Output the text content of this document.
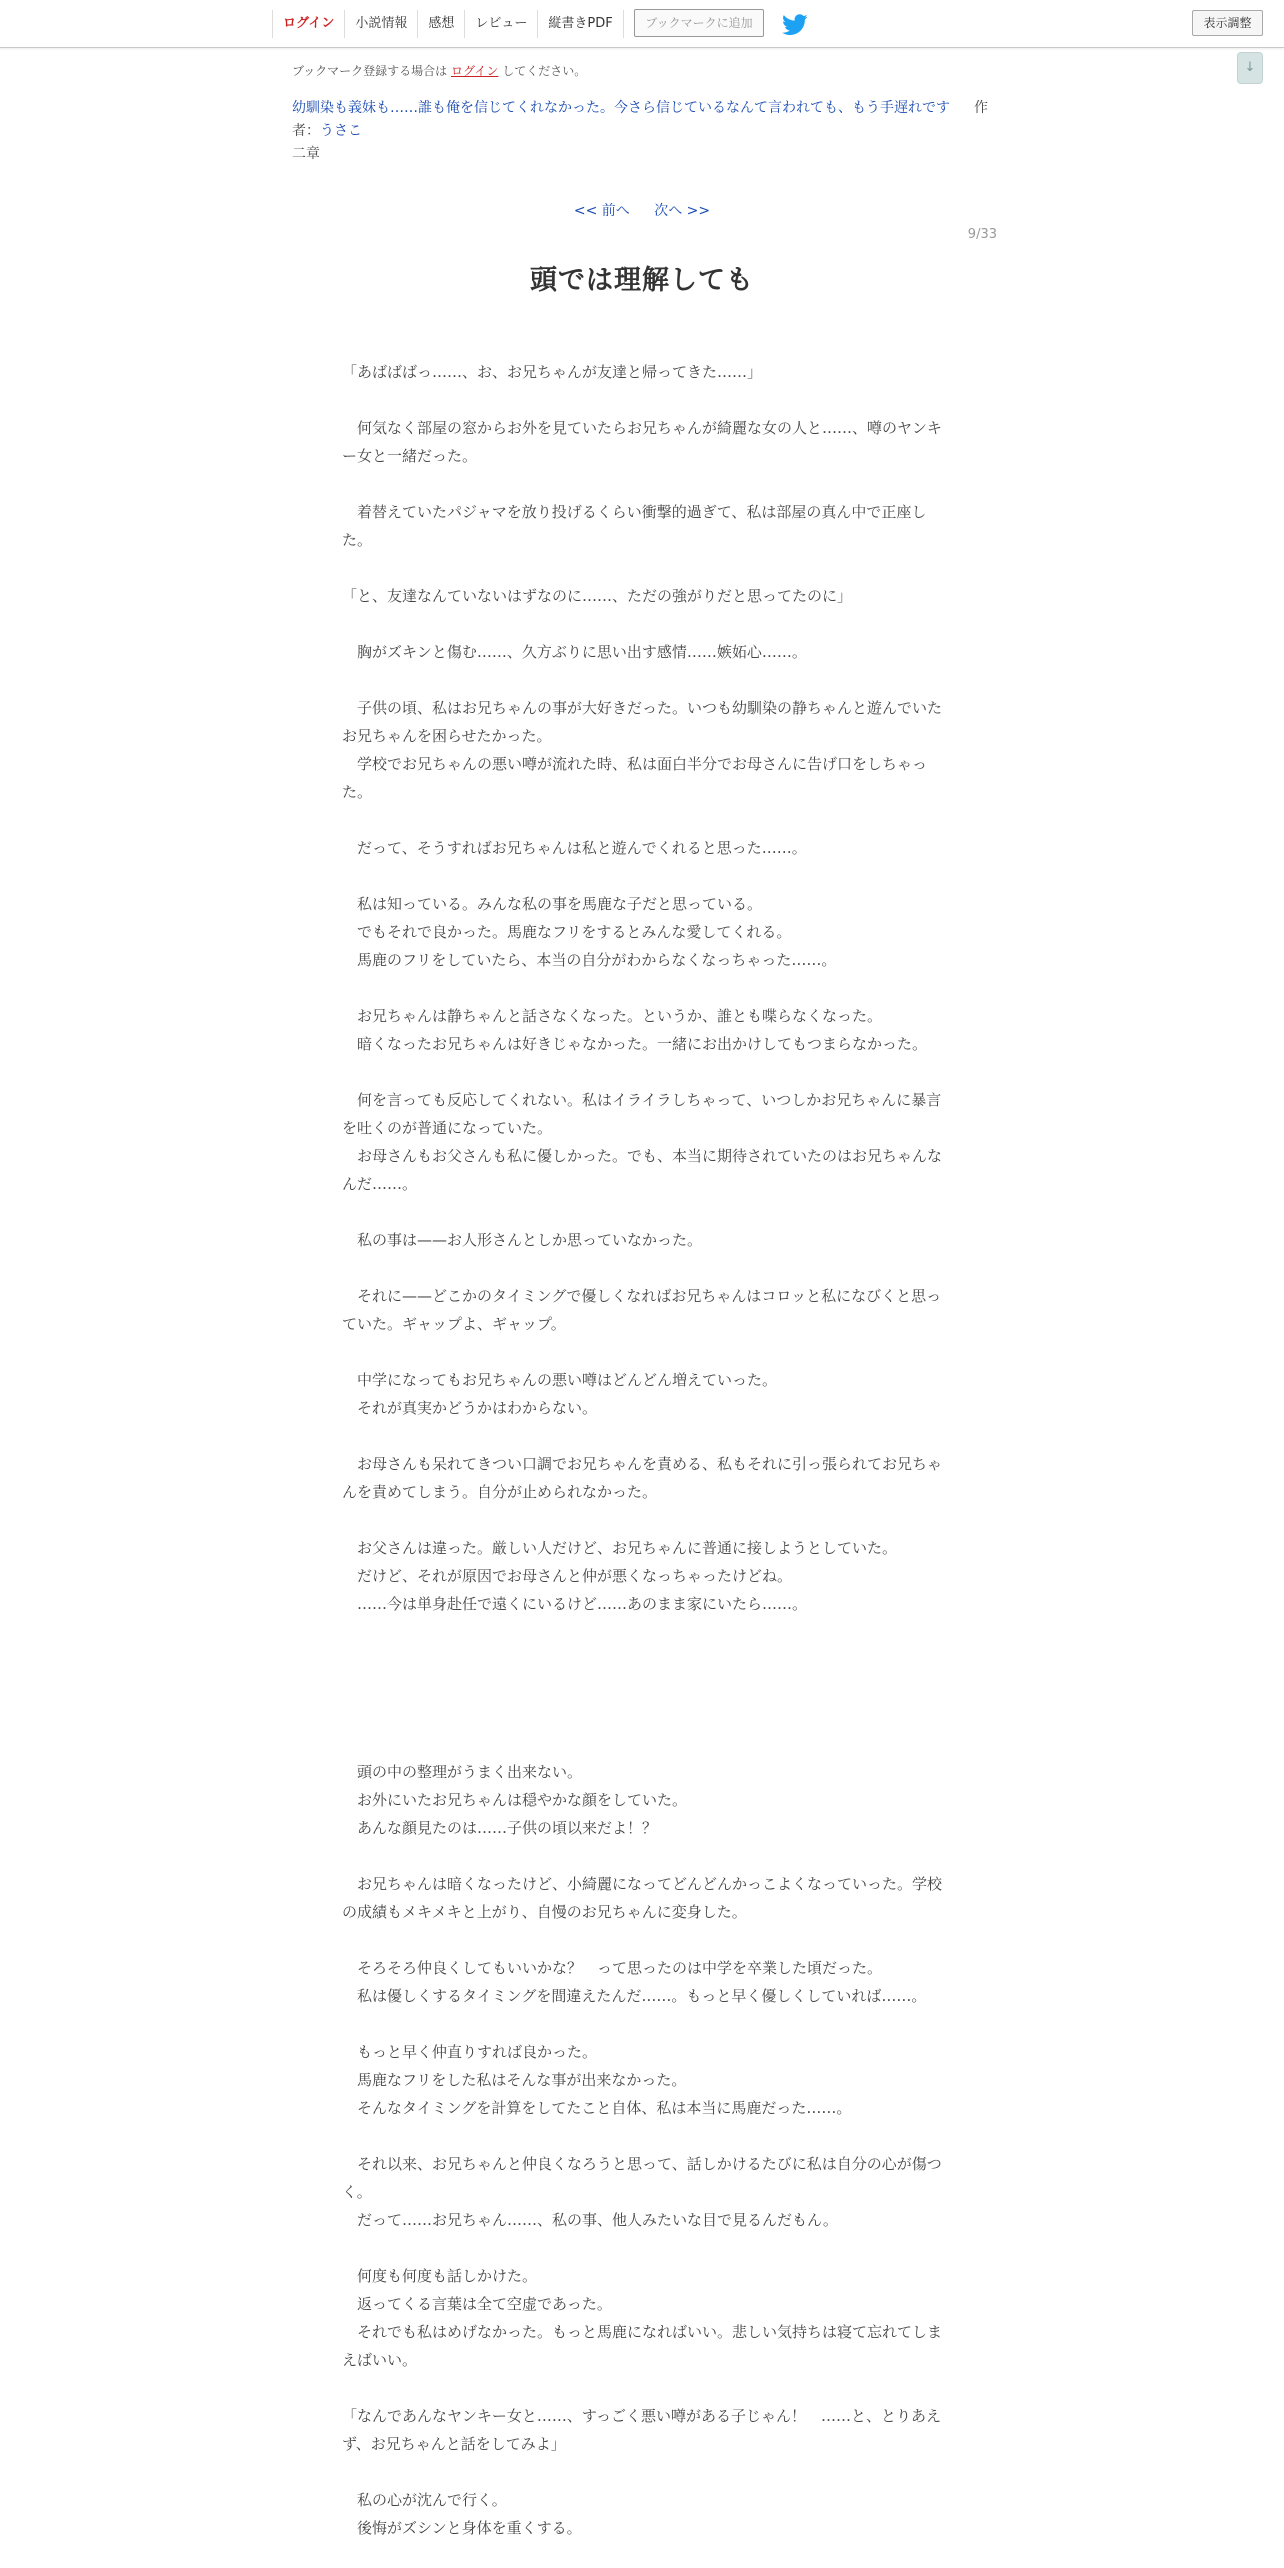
ログイン	小説情報	感想	レビュー	縦書きPDF	ブックマークに追加	表示調整
↓
ブックマーク登録する場合は ログイン してください。
幼馴染も義妹も……誰も俺を信じてくれなかった。今さら信じているなんて言われても、もう手遅れです 作
者：うさこ
二章
<< 前へ 次へ >>
9/33
頭では理解しても

「あばばばっ……、お、お兄ちゃんが友達と帰ってきた……」

　何気なく部屋の窓からお外を見ていたらお兄ちゃんが綺麗な女の人と……、噂のヤンキー女と一緒だった。

　着替えていたパジャマを放り投げるくらい衝撃的過ぎて、私は部屋の真ん中で正座した。

「と、友達なんていないはずなのに……、ただの強がりだと思ってたのに」

　胸がズキンと傷む……、久方ぶりに思い出す感情……嫉妬心……。

　子供の頃、私はお兄ちゃんの事が大好きだった。いつも幼馴染の静ちゃんと遊んでいたお兄ちゃんを困らせたかった。

　学校でお兄ちゃんの悪い噂が流れた時、私は面白半分でお母さんに告げ口をしちゃった。

　だって、そうすればお兄ちゃんは私と遊んでくれると思った……。

　私は知っている。みんな私の事を馬鹿な子だと思っている。

　でもそれで良かった。馬鹿なフリをするとみんな愛してくれる。

　馬鹿のフリをしていたら、本当の自分がわからなくなっちゃった……。

　お兄ちゃんは静ちゃんと話さなくなった。というか、誰とも喋らなくなった。

　暗くなったお兄ちゃんは好きじゃなかった。一緒にお出かけしてもつまらなかった。

　何を言っても反応してくれない。私はイライラしちゃって、いつしかお兄ちゃんに暴言を吐くのが普通になっていた。

　お母さんもお父さんも私に優しかった。でも、本当に期待されていたのはお兄ちゃんなんだ……。

　私の事は——お人形さんとしか思っていなかった。

　それに——どこかのタイミングで優しくなればお兄ちゃんはコロッと私になびくと思っていた。ギャップよ、ギャップ。

　中学になってもお兄ちゃんの悪い噂はどんどん増えていった。

　それが真実かどうかはわからない。

　お母さんも呆れてきつい口調でお兄ちゃんを責める、私もそれに引っ張られてお兄ちゃんを責めてしまう。自分が止められなかった。

　お父さんは違った。厳しい人だけど、お兄ちゃんに普通に接しようとしていた。

　だけど、それが原因でお母さんと仲が悪くなっちゃったけどね。

　……今は単身赴任で遠くにいるけど……あのまま家にいたら……。

　頭の中の整理がうまく出来ない。

　お外にいたお兄ちゃんは穏やかな顔をしていた。

　あんな顔見たのは……子供の頃以来だよ！？

　お兄ちゃんは暗くなったけど、小綺麗になってどんどんかっこよくなっていった。学校の成績もメキメキと上がり、自慢のお兄ちゃんに変身した。

　そろそろ仲良くしてもいいかな？　って思ったのは中学を卒業した頃だった。

　私は優しくするタイミングを間違えたんだ……。もっと早く優しくしていれば……。

　もっと早く仲直りすれば良かった。

　馬鹿なフリをした私はそんな事が出来なかった。

　そんなタイミングを計算をしてたこと自体、私は本当に馬鹿だった……。

　それ以来、お兄ちゃんと仲良くなろうと思って、話しかけるたびに私は自分の心が傷つく。

　だって……お兄ちゃん……、私の事、他人みたいな目で見るんだもん。

　何度も何度も話しかけた。

　返ってくる言葉は全て空虚であった。

　それでも私はめげなかった。もっと馬鹿になればいい。悲しい気持ちは寝て忘れてしまえばいい。

「なんであんなヤンキー女と……、すっごく悪い噂がある子じゃん！　……と、とりあえず、お兄ちゃんと話をしてみよ」

　私の心が沈んで行く。

　後悔がズシンと身体を重くする。
